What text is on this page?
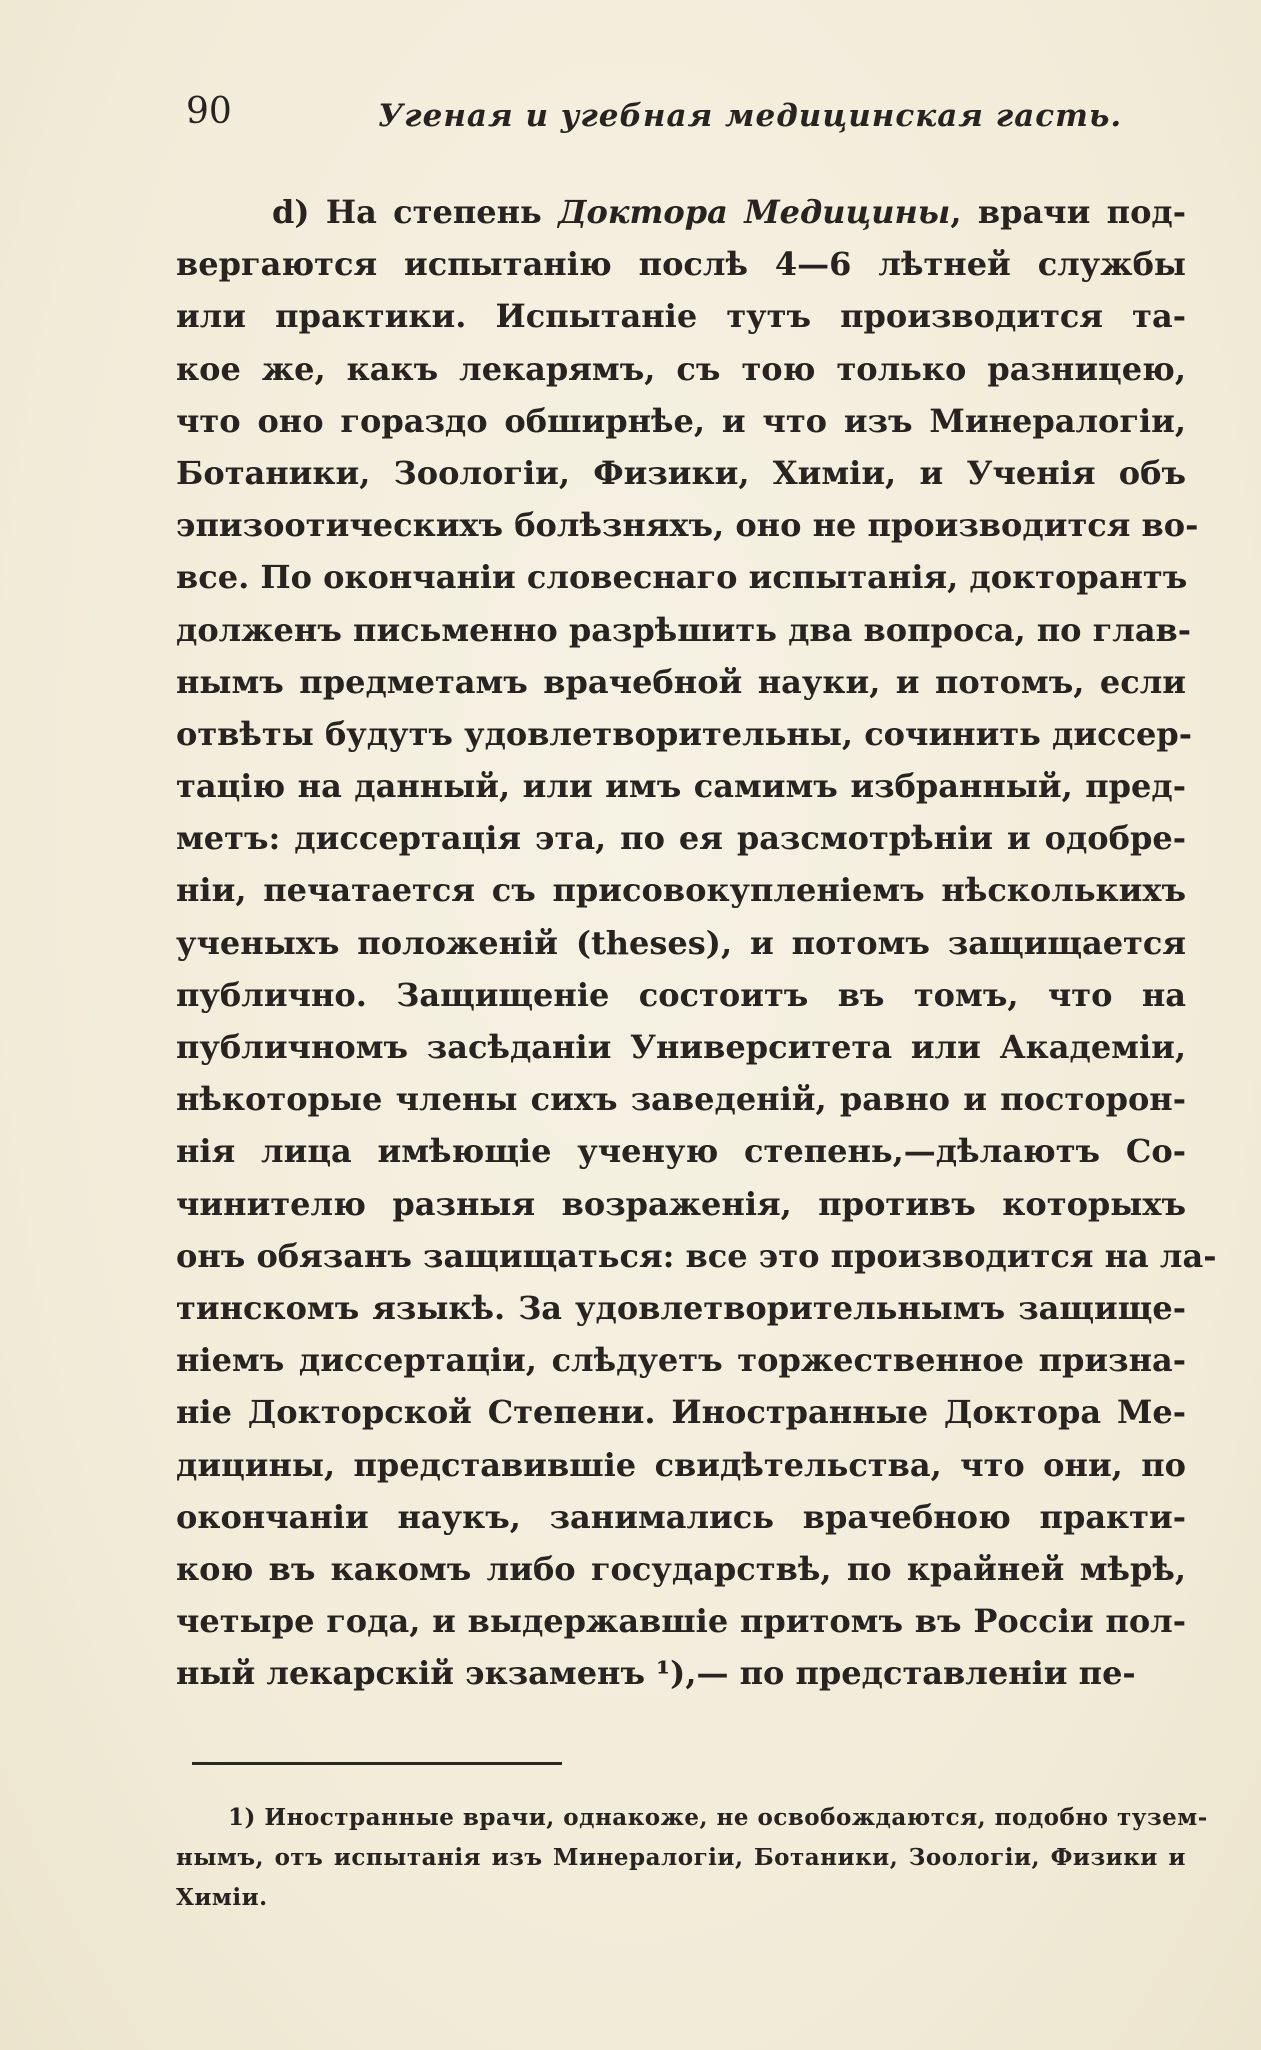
90	Угеная и угебная медицинская гасть.
d) На степень Доктора Медицины, врачи под-
вергаются испытанію послѣ 4—6 лѣтней службы
или практики. Испытаніе тутъ производится та-
кое же, какъ лекарямъ, съ тою только разницею,
что оно гораздо обширнѣе, и что изъ Минералогіи,
Ботаники, Зоологіи, Физики, Химіи, и Ученія объ
эпизоотическихъ болѣзняхъ, оно не производится во-
все. По окончаніи словеснаго испытанія, докторантъ
долженъ письменно разрѣшить два вопроса, по глав-
нымъ предметамъ врачебной науки, и потомъ, если
отвѣты будутъ удовлетворительны, сочинить диссер-
тацію на данный, или имъ самимъ избранный, пред-
метъ: диссертація эта, по ея разсмотрѣніи и одобре-
ніи, печатается съ присовокупленіемъ нѣсколькихъ
ученыхъ положеній (theses), и потомъ защищается
публично. Защищеніе состоитъ въ томъ, что на
публичномъ засѣданіи Университета или Академіи,
нѣкоторые члены сихъ заведеній, равно и посторон-
нія лица имѣющіе ученую степень,—дѣлаютъ Со-
чинителю разныя возраженія, противъ которыхъ
онъ обязанъ защищаться: все это производится на ла-
тинскомъ языкѣ. За удовлетворительнымъ защище-
ніемъ диссертаціи, слѣдуетъ торжественное призна-
ніе Докторской Степени. Иностранные Доктора Ме-
дицины, представившіе свидѣтельства, что они, по
окончаніи наукъ, занимались врачебною практи-
кою въ какомъ либо государствѣ, по крайней мѣрѣ,
четыре года, и выдержавшіе притомъ въ Россіи пол-
ный лекарскій экзаменъ ¹),— по представленіи пе-
1) Иностранные врачи, однакоже, не освобождаются, подобно тузем-
нымъ, отъ испытанія изъ Минералогіи, Ботаники, Зоологіи, Физики и
Химіи.
